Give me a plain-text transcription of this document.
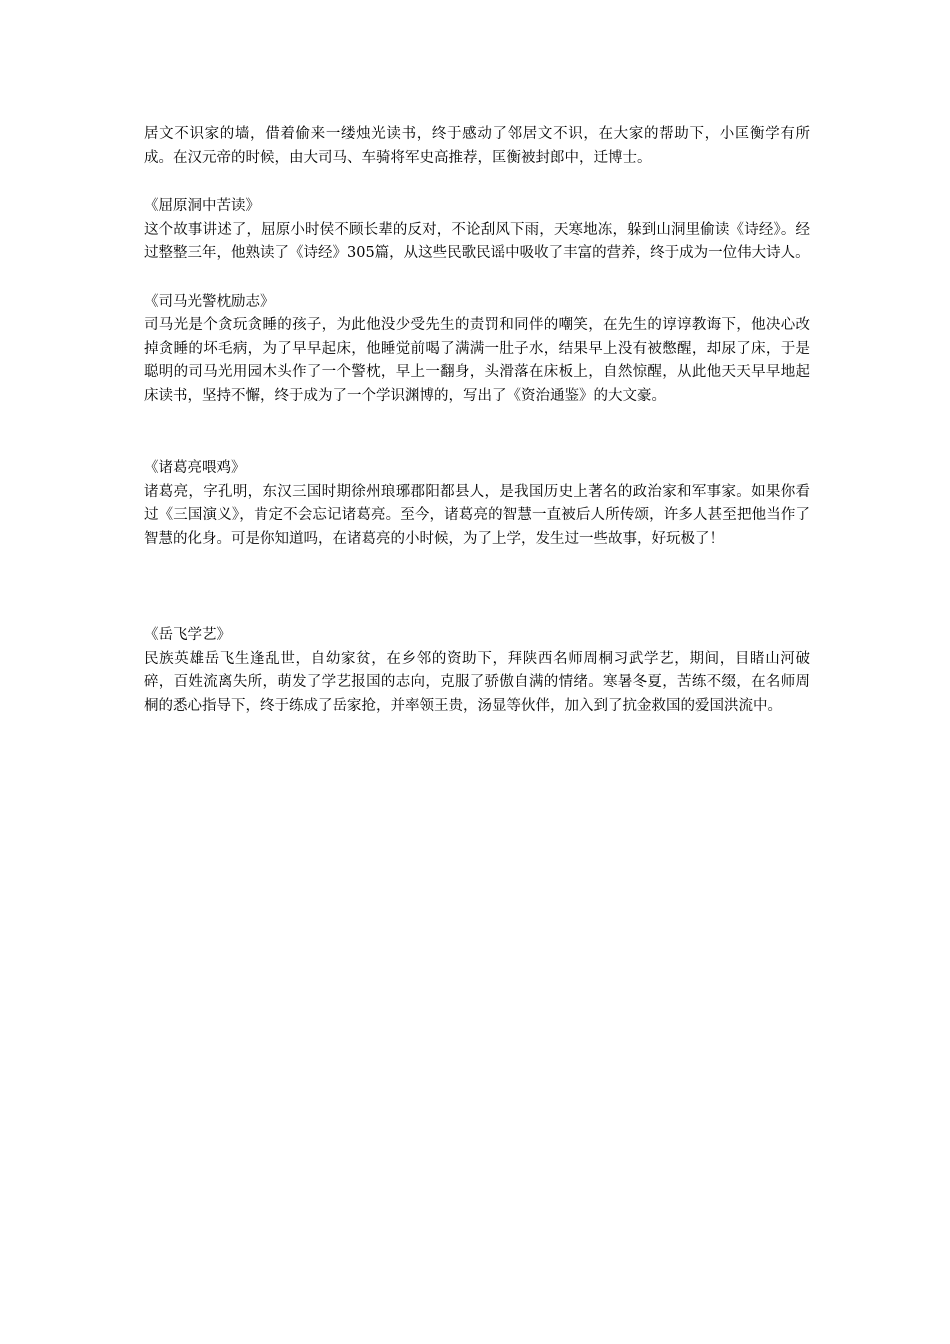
居文不识家的墙，借着偷来一缕烛光读书，终于感动了邻居文不识，在大家的帮助下，小匡衡学有所成。在汉元帝的时候，由大司马、车骑将军史高推荐，匡衡被封郎中，迁博士。

《屈原洞中苦读》

这个故事讲述了，屈原小时侯不顾长辈的反对，不论刮风下雨，天寒地冻，躲到山洞里偷读《诗经》。经过整整三年，他熟读了《诗经》305篇，从这些民歌民谣中吸收了丰富的营养，终于成为一位伟大诗人。

《司马光警枕励志》

司马光是个贪玩贪睡的孩子，为此他没少受先生的责罚和同伴的嘲笑，在先生的谆谆教诲下，他决心改掉贪睡的坏毛病，为了早早起床，他睡觉前喝了满满一肚子水，结果早上没有被憋醒，却尿了床，于是聪明的司马光用园木头作了一个警枕，早上一翻身，头滑落在床板上，自然惊醒，从此他天天早早地起床读书，坚持不懈，终于成为了一个学识渊博的，写出了《资治通鉴》的大文豪。

《诸葛亮喂鸡》

诸葛亮，字孔明，东汉三国时期徐州琅琊郡阳都县人，是我国历史上著名的政治家和军事家。如果你看过《三国演义》，肯定不会忘记诸葛亮。至今，诸葛亮的智慧一直被后人所传颂，许多人甚至把他当作了智慧的化身。可是你知道吗，在诸葛亮的小时候，为了上学，发生过一些故事，好玩极了！

《岳飞学艺》

民族英雄岳飞生逢乱世，自幼家贫，在乡邻的资助下，拜陕西名师周桐习武学艺，期间，目睹山河破碎，百姓流离失所，萌发了学艺报国的志向，克服了骄傲自满的情绪。寒暑冬夏，苦练不缀，在名师周桐的悉心指导下，终于练成了岳家抢，并率领王贵，汤显等伙伴，加入到了抗金救国的爱国洪流中。
